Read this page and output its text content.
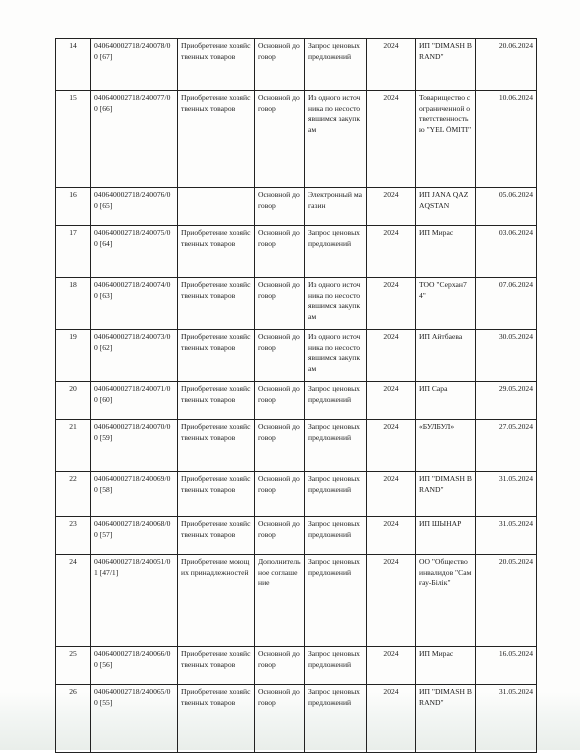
14	040640002718/240078/00 [67]	Приобретение хозяйственных товаров	Основной договор	Запрос ценовых предложений	2024	ИП "DIMASH BRAND"	20.06.2024
15	040640002718/240077/00 [66]	Приобретение хозяйственных товаров	Основной договор	Из одного источника по несостоявшимся закупкам	2024	Товарищество с ограниченной ответственностью "YEL ÖMITI"	10.06.2024
16	040640002718/240076/00 [65]		Основной договор	Электронный магазин	2024	ИП JANA QAZAQSTAN	05.06.2024
17	040640002718/240075/00 [64]	Приобретение хозяйственных товаров	Основной договор	Запрос ценовых предложений	2024	ИП Мирас	03.06.2024
18	040640002718/240074/00 [63]	Приобретение хозяйственных товаров	Основной договор	Из одного источника по несостоявшимся закупкам	2024	ТОО "Серхан74"	07.06.2024
19	040640002718/240073/00 [62]	Приобретение хозяйственных товаров	Основной договор	Из одного источника по несостоявшимся закупкам	2024	ИП Айтбаева	30.05.2024
20	040640002718/240071/00 [60]	Приобретение хозяйственных товаров	Основной договор	Запрос ценовых предложений	2024	ИП Сара	29.05.2024
21	040640002718/240070/00 [59]	Приобретение хозяйственных товаров	Основной договор	Запрос ценовых предложений	2024	«БУЛБУЛ»	27.05.2024
22	040640002718/240069/00 [58]	Приобретение хозяйственных товаров	Основной договор	Запрос ценовых предложений	2024	ИП "DIMASH BRAND"	31.05.2024
23	040640002718/240068/00 [57]	Приобретение хозяйственных товаров	Основной договор	Запрос ценовых предложений	2024	ИП ШЫНАР	31.05.2024
24	040640002718/240051/01 [47/1]	Приобретение моющих принадлежностей	Дополнительное соглашение	Запрос ценовых предложений	2024	ОО "Общество инвалидов "Самғау-Бiлiк"	20.05.2024
25	040640002718/240066/00 [56]	Приобретение хозяйственных товаров	Основной договор	Запрос ценовых предложений	2024	ИП Мирас	16.05.2024
26	040640002718/240065/00 [55]	Приобретение хозяйственных товаров	Основной договор	Запрос ценовых предложений	2024	ИП "DIMASH BRAND"	31.05.2024
